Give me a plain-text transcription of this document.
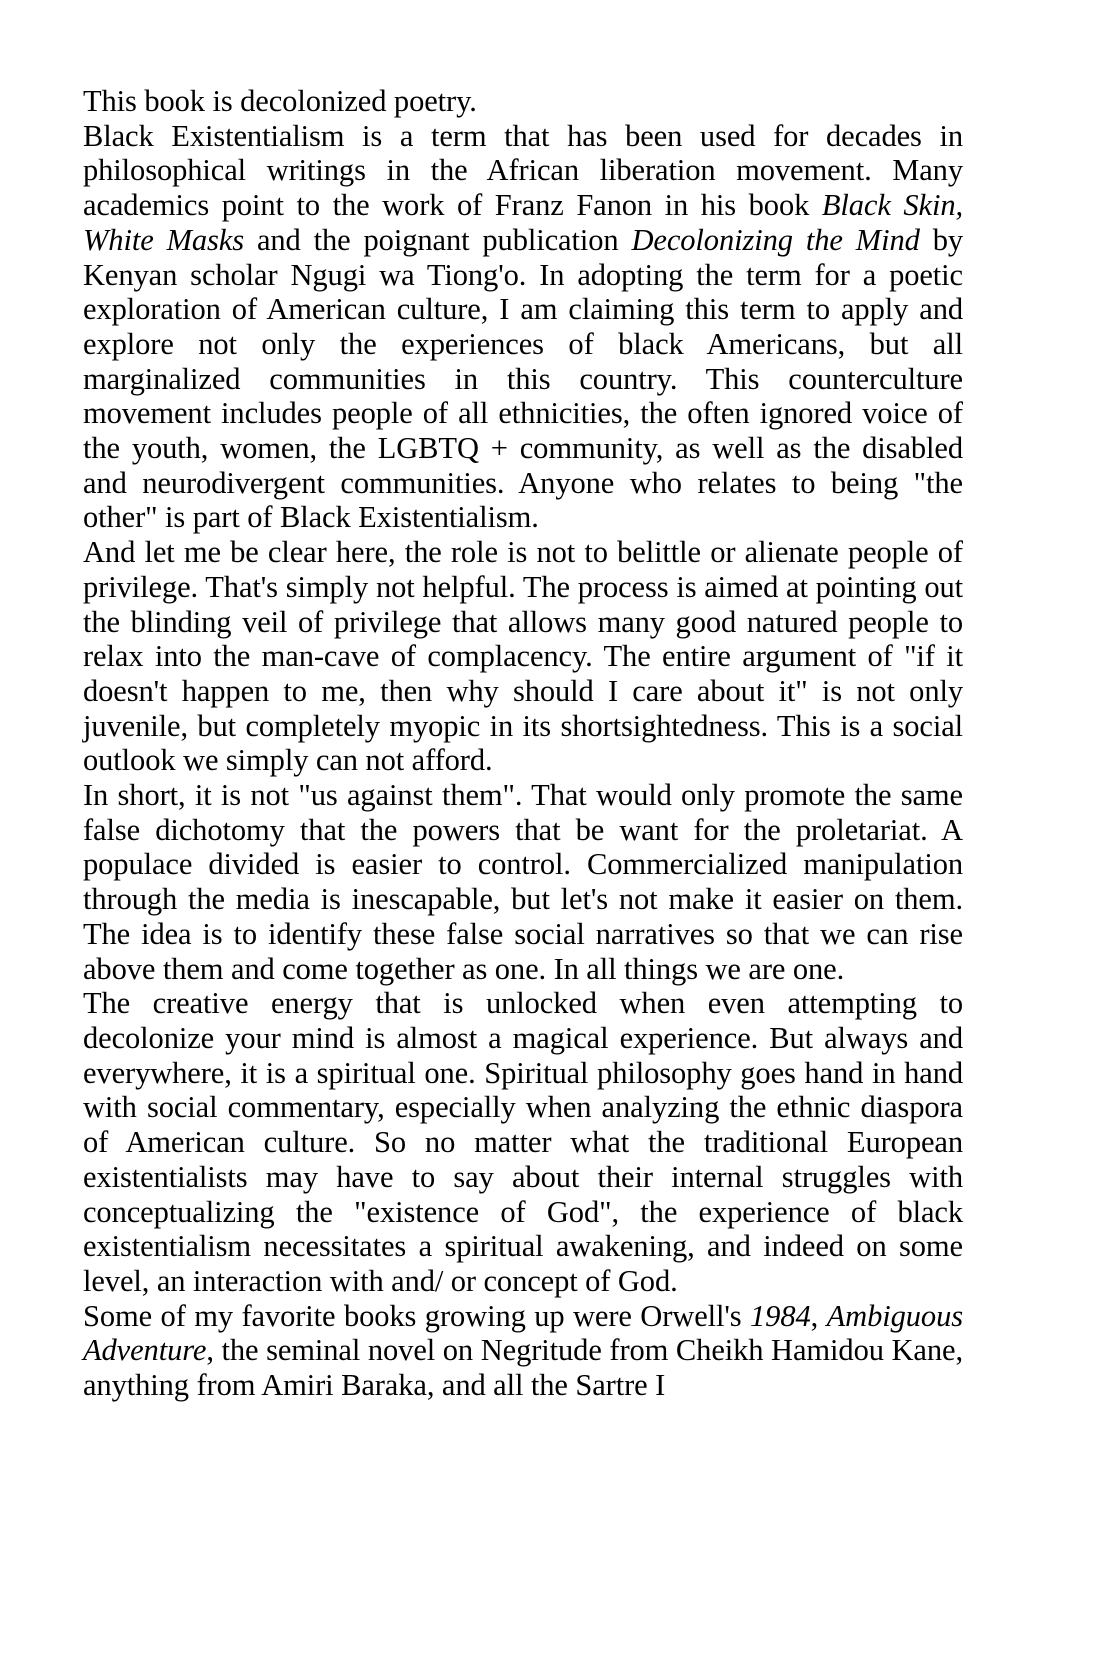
This book is decolonized poetry.

Black Existentialism is a term that has been used for decades in philosophical writings in the African liberation movement. Many academics point to the work of Franz Fanon in his book Black Skin, White Masks and the poignant publication Decolonizing the Mind by Kenyan scholar Ngugi wa Tiong'o. In adopting the term for a poetic exploration of American culture, I am claiming this term to apply and explore not only the experiences of black Americans, but all marginalized communities in this country. This counterculture movement includes people of all ethnicities, the often ignored voice of the youth, women, the LGBTQ + community, as well as the disabled and neurodivergent communities. Anyone who relates to being "the other" is part of Black Existentialism.

And let me be clear here, the role is not to belittle or alienate people of privilege. That's simply not helpful. The process is aimed at pointing out the blinding veil of privilege that allows many good natured people to relax into the man-cave of complacency. The entire argument of "if it doesn't happen to me, then why should I care about it" is not only juvenile, but completely myopic in its shortsightedness. This is a social outlook we simply can not afford.

In short, it is not "us against them". That would only promote the same false dichotomy that the powers that be want for the proletariat. A populace divided is easier to control. Commercialized manipulation through the media is inescapable, but let's not make it easier on them. The idea is to identify these false social narratives so that we can rise above them and come together as one. In all things we are one.

The creative energy that is unlocked when even attempting to decolonize your mind is almost a magical experience. But always and everywhere, it is a spiritual one. Spiritual philosophy goes hand in hand with social commentary, especially when analyzing the ethnic diaspora of American culture. So no matter what the traditional European existentialists may have to say about their internal struggles with conceptualizing the "existence of God", the experience of black existentialism necessitates a spiritual awakening, and indeed on some level, an interaction with and/ or concept of God.

Some of my favorite books growing up were Orwell's 1984, Ambiguous Adventure, the seminal novel on Negritude from Cheikh Hamidou Kane, anything from Amiri Baraka, and all the Sartre I
